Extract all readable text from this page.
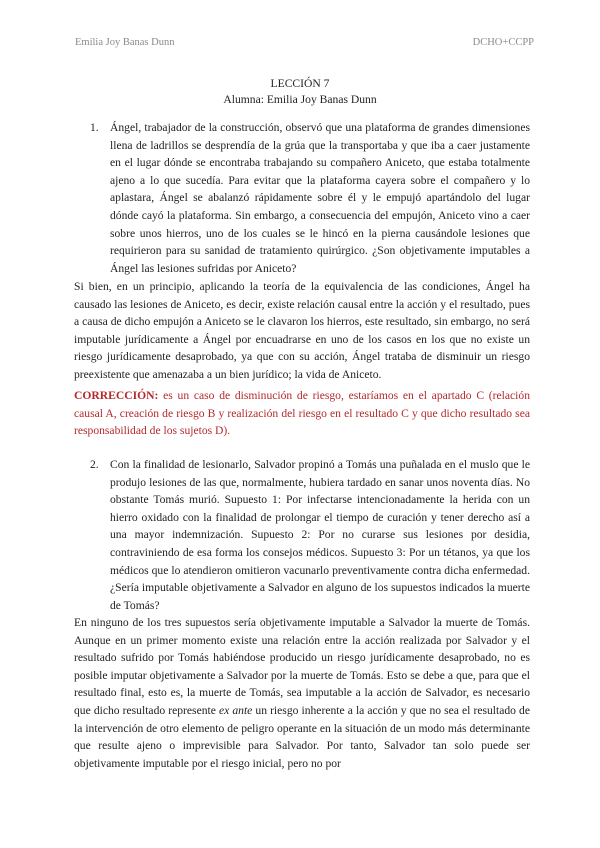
Emilia Joy Banas Dunn	DCHO+CCPP
LECCIÓN 7
Alumna: Emilia Joy Banas Dunn
1. Ángel, trabajador de la construcción, observó que una plataforma de grandes dimensiones llena de ladrillos se desprendía de la grúa que la transportaba y que iba a caer justamente en el lugar dónde se encontraba trabajando su compañero Aniceto, que estaba totalmente ajeno a lo que sucedía. Para evitar que la plataforma cayera sobre el compañero y lo aplastara, Ángel se abalanzó rápidamente sobre él y le empujó apartándolo del lugar dónde cayó la plataforma. Sin embargo, a consecuencia del empujón, Aniceto vino a caer sobre unos hierros, uno de los cuales se le hincó en la pierna causándole lesiones que requirieron para su sanidad de tratamiento quirúrgico. ¿Son objetivamente imputables a Ángel las lesiones sufridas por Aniceto?
Si bien, en un principio, aplicando la teoría de la equivalencia de las condiciones, Ángel ha causado las lesiones de Aniceto, es decir, existe relación causal entre la acción y el resultado, pues a causa de dicho empujón a Aniceto se le clavaron los hierros, este resultado, sin embargo, no será imputable jurídicamente a Ángel por encuadrarse en uno de los casos en los que no existe un riesgo jurídicamente desaprobado, ya que con su acción, Ángel trataba de disminuir un riesgo preexistente que amenazaba a un bien jurídico; la vida de Aniceto.
CORRECCIÓN: es un caso de disminución de riesgo, estaríamos en el apartado C (relación causal A, creación de riesgo B y realización del riesgo en el resultado C y que dicho resultado sea responsabilidad de los sujetos D).
2. Con la finalidad de lesionarlo, Salvador propinó a Tomás una puñalada en el muslo que le produjo lesiones de las que, normalmente, hubiera tardado en sanar unos noventa días. No obstante Tomás murió. Supuesto 1: Por infectarse intencionadamente la herida con un hierro oxidado con la finalidad de prolongar el tiempo de curación y tener derecho así a una mayor indemnización. Supuesto 2: Por no curarse sus lesiones por desidia, contraviniendo de esa forma los consejos médicos. Supuesto 3: Por un tétanos, ya que los médicos que lo atendieron omitieron vacunarlo preventivamente contra dicha enfermedad. ¿Sería imputable objetivamente a Salvador en alguno de los supuestos indicados la muerte de Tomás?
En ninguno de los tres supuestos sería objetivamente imputable a Salvador la muerte de Tomás. Aunque en un primer momento existe una relación entre la acción realizada por Salvador y el resultado sufrido por Tomás habiéndose producido un riesgo jurídicamente desaprobado, no es posible imputar objetivamente a Salvador por la muerte de Tomás. Esto se debe a que, para que el resultado final, esto es, la muerte de Tomás, sea imputable a la acción de Salvador, es necesario que dicho resultado represente ex ante un riesgo inherente a la acción y que no sea el resultado de la intervención de otro elemento de peligro operante en la situación de un modo más determinante que resulte ajeno o imprevisible para Salvador. Por tanto, Salvador tan solo puede ser objetivamente imputable por el riesgo inicial, pero no por
